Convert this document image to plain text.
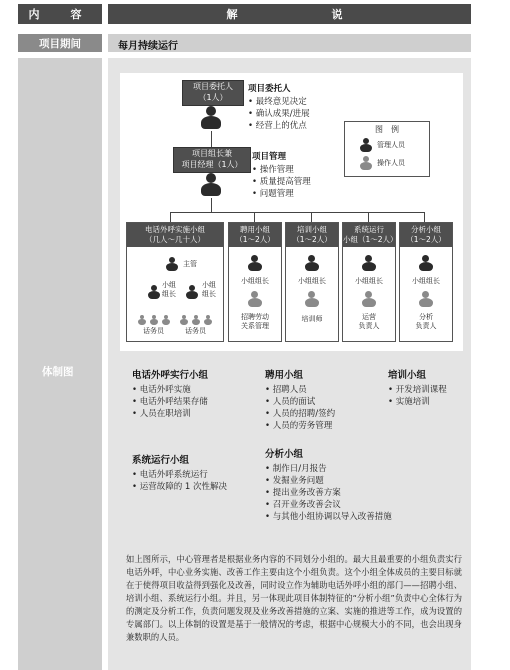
内　容	解　　　　说
项目期间	每月持续运行
体制图
项目委托人
（1人）
项目委托人
• 最终意见决定
• 确认成果/进展
• 经营上的优点
项目组长兼
项目经理（1人）
项目管理
• 操作管理
• 质量提高管理
• 问题管理
图　例
管理人员
操作人员
电话外呼实施小组
（几人～几十人）
主管
小组组长
小组组长
话务员	话务员
聘用小组
（1～2人）
小组组长
招聘劳动
关系管理
培训小组
（1～2人）
小组组长
培训师
系统运行
小组（1～2人）
小组组长
运营
负责人
分析小组
（1～2人）
小组组长
分析
负责人
电话外呼实行小组
• 电话外呼实施
• 电话外呼结果存储
• 人员在职培训
聘用小组
• 招聘人员
• 人员的面试
• 人员的招聘/签约
• 人员的劳务管理
培训小组
• 开发培训课程
• 实施培训
系统运行小组
• 电话外呼系统运行
• 运营故障的 1 次性解决
分析小组
• 制作日/月报告
• 发掘业务问题
• 提出业务改善方案
• 召开业务改善会议
• 与其他小组协调以导入改善措施
如上图所示，中心管理者是根据业务内容的不同划分小组的。最大且最重要的小组负责实行电话外呼，中心业务实施、改善工作主要由这个小组负责。这个小组全体成员的主要目标就在于使得项目收益得到强化及改善，同时设立作为辅助电话外呼小组的部门——招聘小组、培训小组、系统运行小组。并且，另一体现此项目体制特征的“分析小组”负责中心全体行为的测定及分析工作，负责问题发现及业务改善措施的立案、实施的推进等工作，成为设置的专属部门。以上体制的设置是基于一般情况的考虑，根据中心规模大小的不同，也会出现身兼数职的人员。
